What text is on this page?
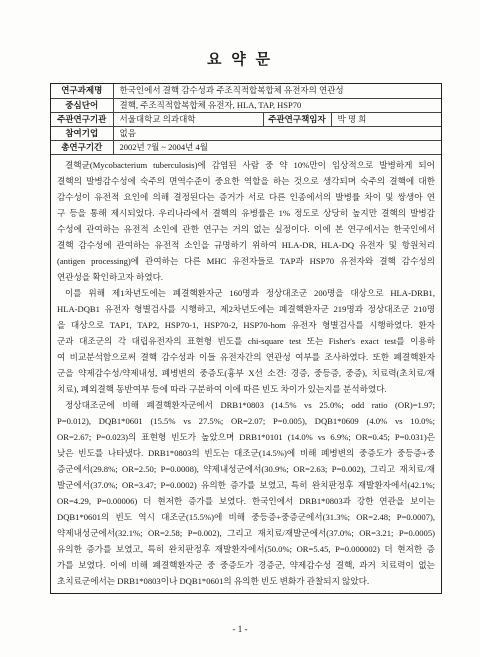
요 약 문
연구과제명	한국인에서 결핵 감수성과 주조직적합복합체 유전자의 연관성		
중심단어	결핵, 주조직적합복합체 유전자, HLA, TAP, HSP70		
주관연구기관	서울대학교 의과대학	주관연구책임자	박 명 희
참여기업	없음		
총연구기간	2002년 7월 ~ 2004년 4월		
결핵균(Mycobacterium tuberculosis)에 감염된 사람 중 약 10%만이 임상적으로 발병하게 되어
결핵의 발병감수성에 숙주의 면역수준이 중요한 역할을 하는 것으로 생각되며 숙주의 결핵에 대한
감수성이 유전적 요인에 의해 결정된다는 증거가 서로 다른 인종에서의 발병률 차이 및 쌍생아 연
구 등을 통해 제시되었다. 우리나라에서 결핵의 유병률은 1% 정도로 상당히 높지만 결핵의 발병감
수성에 관여하는 유전적 소인에 관한 연구는 거의 없는 실정이다. 이에 본 연구에서는 한국인에서
결핵 감수성에 관여하는 유전적 소인을 규명하기 위하여 HLA-DR, HLA-DQ 유전자 및 항원처리
(antigen processing)에 관여하는 다른 MHC 유전자들로 TAP과 HSP70 유전자와 결핵 감수성의
연관성을 확인하고자 하였다.
이를 위해 제1차년도에는 폐결핵환자군 160명과 정상대조군 200명을 대상으로 HLA-DRB1,
HLA-DQB1 유전자 형별검사를 시행하고, 제2차년도에는 폐결핵환자군 219명과 정상대조군 210명
을 대상으로 TAP1, TAP2, HSP70-1, HSP70-2, HSP70-hom 유전자 형별검사를 시행하였다. 환자
군과 대조군의 각 대립유전자의 표현형 빈도를 chi-square test 또는 Fisher's exact test를 이용하
여 비교분석함으로써 결핵 감수성과 이들 유전자간의 연관성 여부를 조사하였다. 또한 폐결핵환자
군을 약제감수성/약제내성, 폐병변의 중증도(흉부 X선 소견: 경증, 중등증, 중증), 치료력(초치료/재
치료), 폐외결핵 동반여부 등에 따라 구분하여 이에 따른 빈도 차이가 있는지를 분석하였다.
정상대조군에 비해 폐결핵환자군에서 DRB1*0803 (14.5% vs 25.0%; odd ratio (OR)=1.97;
P=0.012), DQB1*0601 (15.5% vs 27.5%; OR=2.07; P=0.005), DQB1*0609 (4.0% vs 10.0%;
OR=2.67; P=0.023)의 표현형 빈도가 높았으며 DRB1*0101 (14.0% vs 6.9%; OR=0.45; P=0.031)은
낮은 빈도를 나타냈다. DRB1*0803의 빈도는 대조군(14.5%)에 비해 폐병변의 중증도가 중등증+중
증군에서(29.8%; OR=2.50; P=0.0008), 약제내성군에서(30.9%; OR=2.63; P=0.002), 그리고 재치료/재
발군에서(37.0%; OR=3.47; P=0.0002) 유의한 증가를 보였고, 특히 완치판정후 재발환자에서(42.1%;
OR=4.29, P=0.00006) 더 현저한 증가를 보였다. 한국인에서 DRB1*0803과 강한 연관을 보이는
DQB1*0601의 빈도 역시 대조군(15.5%)에 비해 중등증+중증군에서(31.3%; OR=2.48; P=0.0007),
약제내성군에서(32.1%; OR=2.58; P=0.002), 그리고 재치료/재발군에서(37.0%; OR=3.21; P=0.0005)
유의한 증가를 보였고, 특히 완치판정후 재발환자에서(50.0%; OR=5.45, P=0.000002) 더 현저한 증
가를 보였다. 이에 비해 폐결핵환자군 중 중증도가 경증군, 약제감수성 결핵, 과거 치료력이 없는
초치료군에서는 DRB1*0803이나 DQB1*0601의 유의한 빈도 변화가 관찰되지 않았다.
- 1 -
